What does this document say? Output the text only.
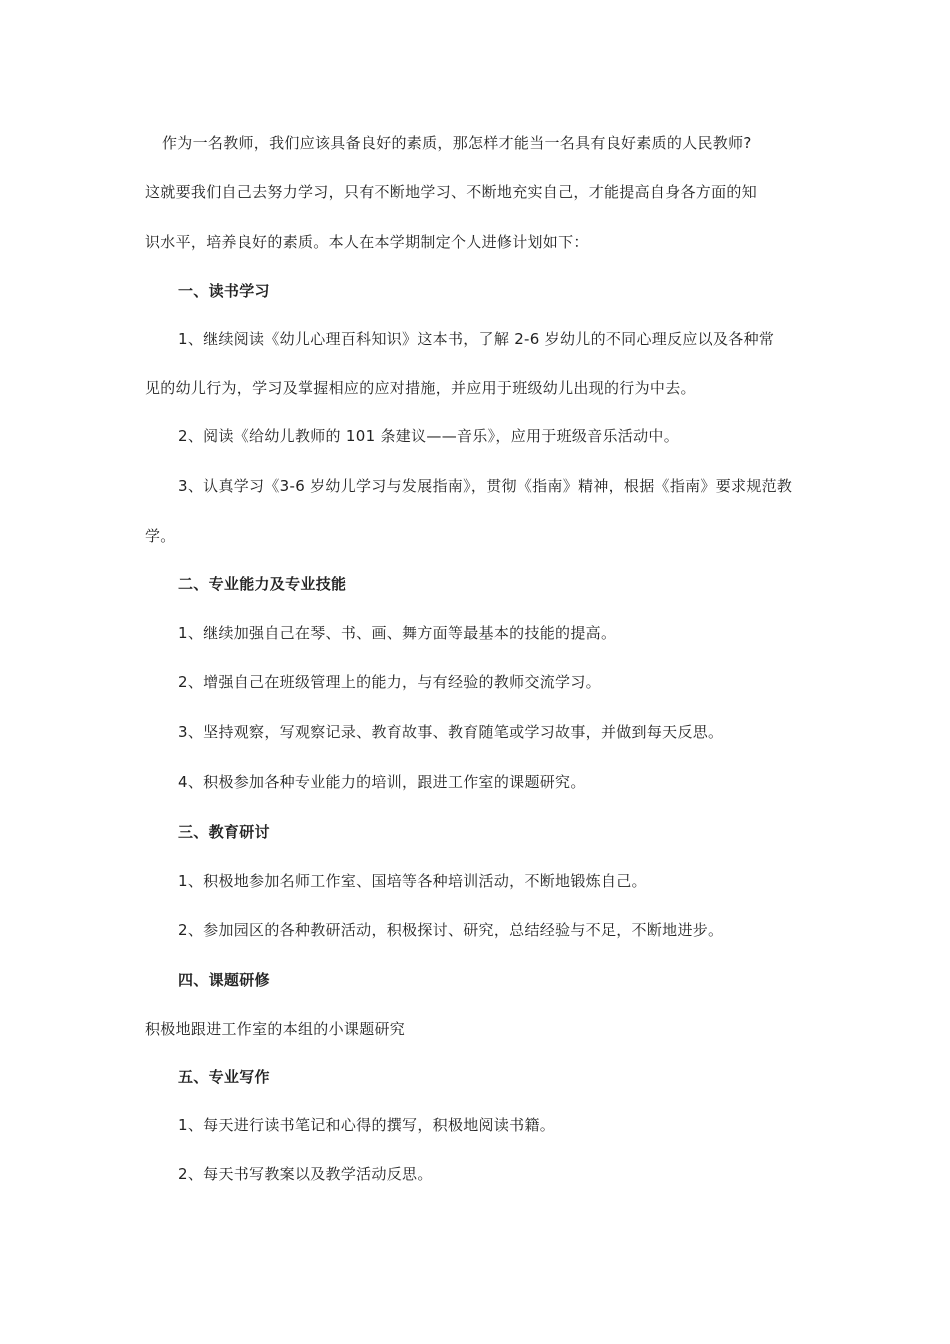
作为一名教师，我们应该具备良好的素质，那怎样才能当一名具有良好素质的人民教师?
这就要我们自己去努力学习，只有不断地学习、不断地充实自己，才能提高自身各方面的知
识水平，培养良好的素质。本人在本学期制定个人进修计划如下：
一、读书学习
1、继续阅读《幼儿心理百科知识》这本书，了解 2-6 岁幼儿的不同心理反应以及各种常
见的幼儿行为，学习及掌握相应的应对措施，并应用于班级幼儿出现的行为中去。
2、阅读《给幼儿教师的 101 条建议——音乐》，应用于班级音乐活动中。
3、认真学习《3-6 岁幼儿学习与发展指南》，贯彻《指南》精神，根据《指南》要求规范教
学。
二、专业能力及专业技能
1、继续加强自己在琴、书、画、舞方面等最基本的技能的提高。
2、增强自己在班级管理上的能力，与有经验的教师交流学习。
3、坚持观察，写观察记录、教育故事、教育随笔或学习故事，并做到每天反思。
4、积极参加各种专业能力的培训，跟进工作室的课题研究。
三、教育研讨
1、积极地参加名师工作室、国培等各种培训活动，不断地锻炼自己。
2、参加园区的各种教研活动，积极探讨、研究，总结经验与不足，不断地进步。
四、课题研修
积极地跟进工作室的本组的小课题研究
五、专业写作
1、每天进行读书笔记和心得的撰写，积极地阅读书籍。
2、每天书写教案以及教学活动反思。
